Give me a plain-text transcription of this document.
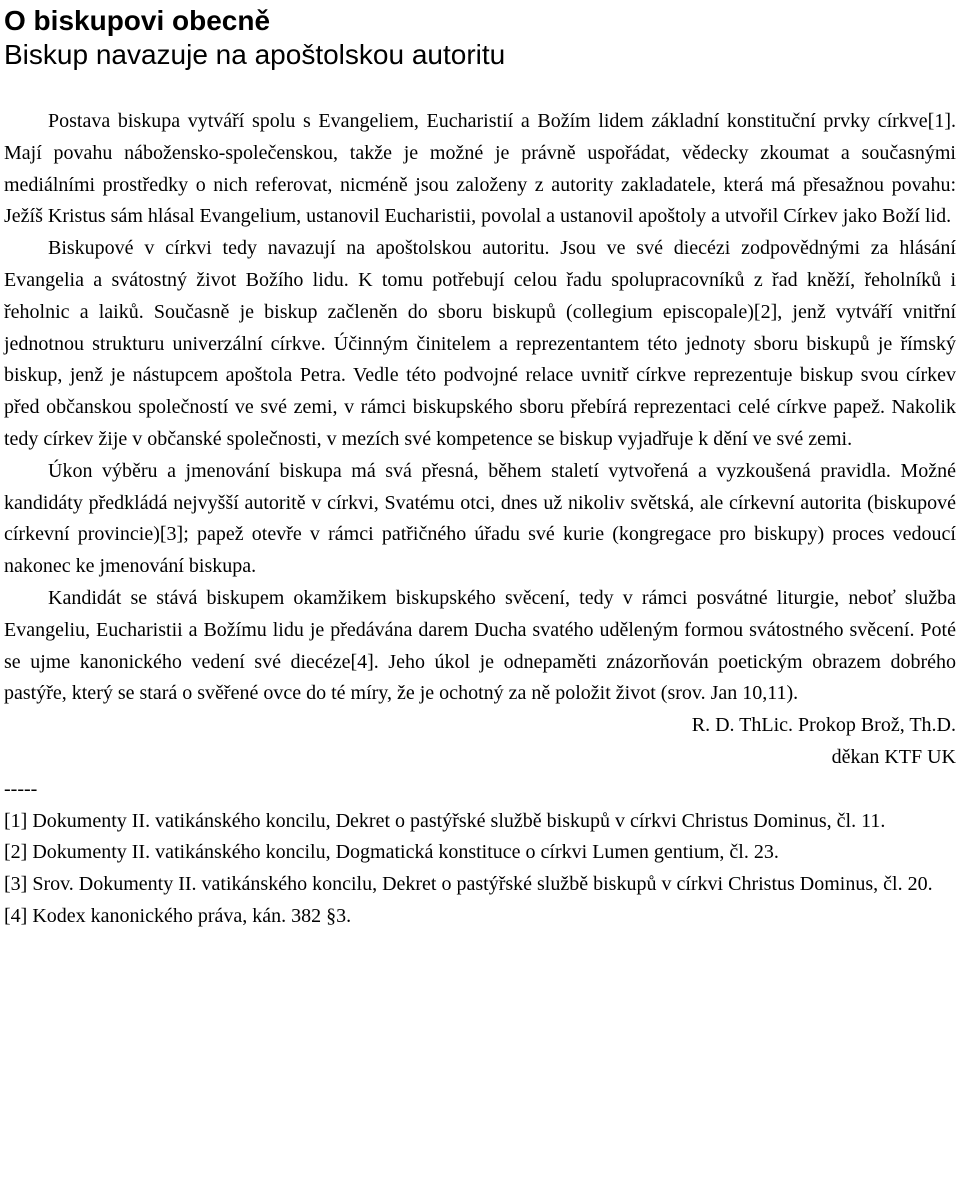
O biskupovi obecně
Biskup navazuje na apoštolskou autoritu

Postava biskupa vytváří spolu s Evangeliem, Eucharistií a Božím lidem základní konstituční prvky církve[1]. Mají povahu nábožensko-společenskou, takže je možné je právně uspořádat, vědecky zkoumat a současnými mediálními prostředky o nich referovat, nicméně jsou založeny z autority zakladatele, která má přesažnou povahu: Ježíš Kristus sám hlásal Evangelium, ustanovil Eucharistii, povolal a ustanovil apoštoly a utvořil Církev jako Boží lid.

Biskupové v církvi tedy navazují na apoštolskou autoritu. Jsou ve své diecézi zodpovědnými za hlásání Evangelia a svátostný život Božího lidu. K tomu potřebují celou řadu spolupracovníků z řad kněží, řeholníků i řeholnic a laiků. Současně je biskup začleněn do sboru biskupů (collegium episcopale)[2], jenž vytváří vnitřní jednotnou strukturu univerzální církve. Účinným činitelem a reprezentantem této jednoty sboru biskupů je římský biskup, jenž je nástupcem apoštola Petra. Vedle této podvojné relace uvnitř církve reprezentuje biskup svou církev před občanskou společností ve své zemi, v rámci biskupského sboru přebírá reprezentaci celé církve papež. Nakolik tedy církev žije v občanské společnosti, v mezích své kompetence se biskup vyjadřuje k dění ve své zemi.

Úkon výběru a jmenování biskupa má svá přesná, během staletí vytvořená a vyzkoušená pravidla. Možné kandidáty předkládá nejvyšší autoritě v církvi, Svatému otci, dnes už nikoliv světská, ale církevní autorita (biskupové církevní provincie)[3]; papež otevře v rámci patřičného úřadu své kurie (kongregace pro biskupy) proces vedoucí nakonec ke jmenování biskupa.

Kandidát se stává biskupem okamžikem biskupského svěcení, tedy v rámci posvátné liturgie, neboť služba Evangeliu, Eucharistii a Božímu lidu je předávána darem Ducha svatého uděleným formou svátostného svěcení. Poté se ujme kanonického vedení své diecéze[4]. Jeho úkol je odnepaměti znázorňován poetickým obrazem dobrého pastýře, který se stará o svěřené ovce do té míry, že je ochotný za ně položit život (srov. Jan 10,11).

R. D. ThLic. Prokop Brož, Th.D.
děkan KTF UK
-----

[1] Dokumenty II. vatikánského koncilu, Dekret o pastýřské službě biskupů v církvi Christus Dominus, čl. 11.

[2] Dokumenty II. vatikánského koncilu, Dogmatická konstituce o církvi Lumen gentium, čl. 23.

[3] Srov. Dokumenty II. vatikánského koncilu, Dekret o pastýřské službě biskupů v církvi Christus Dominus, čl. 20.

[4] Kodex kanonického práva, kán. 382 §3.
